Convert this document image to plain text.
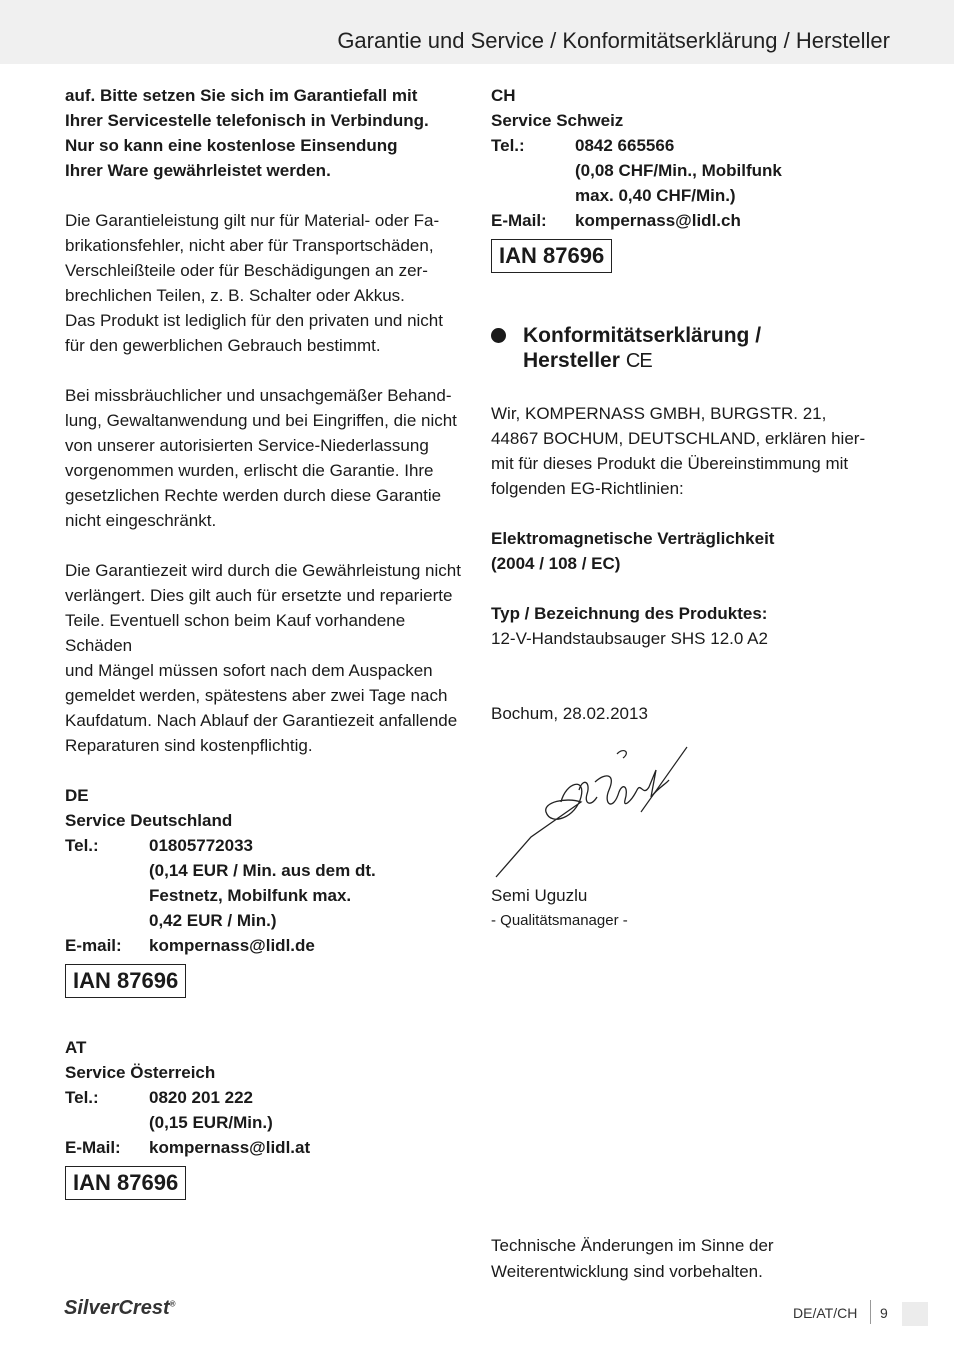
Garantie und Service / Konformitätserklärung / Hersteller

auf. Bitte setzen Sie sich im Garantiefall mit

Ihrer Servicestelle telefonisch in Verbindung.

Nur so kann eine kostenlose Einsendung

Ihrer Ware gewährleistet werden.

Die Garantieleistung gilt nur für Material- oder Fa-

brikationsfehler, nicht aber für Transportschäden,

Verschleißteile oder für Beschädigungen an zer-

brechlichen Teilen, z. B. Schalter oder Akkus.

Das Produkt ist lediglich für den privaten und nicht

für den gewerblichen Gebrauch bestimmt.

Bei missbräuchlicher und unsachgemäßer Behand-

lung, Gewaltanwendung und bei Eingriffen, die nicht

von unserer autorisierten Service-Niederlassung

vorgenommen wurden, erlischt die Garantie. Ihre

gesetzlichen Rechte werden durch diese Garantie

nicht eingeschränkt.

Die Garantiezeit wird durch die Gewährleistung nicht

verlängert. Dies gilt auch für ersetzte und reparierte

Teile. Eventuell schon beim Kauf vorhandene Schäden

und Mängel müssen sofort nach dem Auspacken

gemeldet werden, spätestens aber zwei Tage nach

Kaufdatum. Nach Ablauf der Garantiezeit anfallende

Reparaturen sind kostenpflichtig.

DE

Service Deutschland

Tel.:	01805772033
(0,14 EUR / Min. aus dem dt.
Festnetz, Mobilfunk max.
0,42 EUR / Min.)
E-mail:	kompernass@lidl.de
IAN 87696

AT

Service Österreich

Tel.:	0820 201 222
(0,15 EUR/Min.)
E-Mail:	kompernass@lidl.at
IAN 87696

CH

Service Schweiz

Tel.:	0842 665566
(0,08 CHF/Min., Mobilfunk
max. 0,40 CHF/Min.)
E-Mail:	kompernass@lidl.ch
IAN 87696
Konformitätserklärung /
Hersteller CE

Wir, KOMPERNASS GMBH, BURGSTR. 21,

44867 BOCHUM, DEUTSCHLAND, erklären hier-

mit für dieses Produkt die Übereinstimmung mit

folgenden EG-Richtlinien:

Elektromagnetische Verträglichkeit

(2004 / 108 / EC)

Typ / Bezeichnung des Produktes:

12-V-Handstaubsauger SHS 12.0 A2

Bochum, 28.02.2013

Semi Uguzlu

- Qualitätsmanager -

Technische Änderungen im Sinne der

Weiterentwicklung sind vorbehalten.

SilverCrest®
DE/AT/CH 9
